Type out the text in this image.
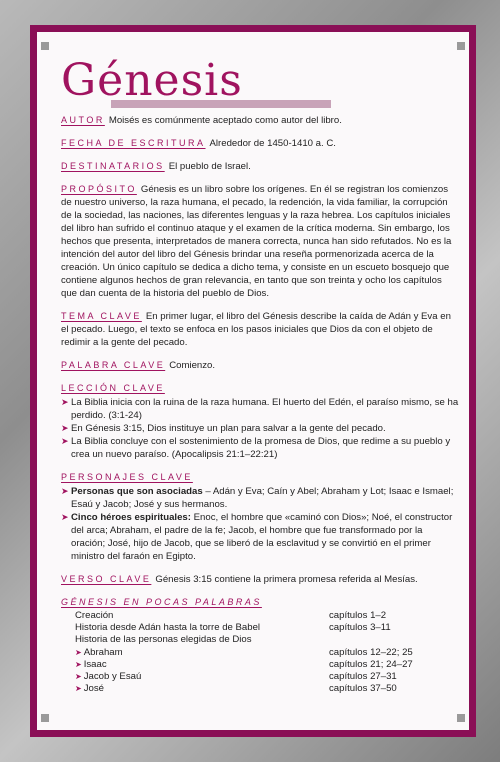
Génesis
AUTOR Moisés es comúnmente aceptado como autor del libro.
FECHA DE ESCRITURA Alrededor de 1450-1410 a. C.
DESTINATARIOS El pueblo de Israel.
PROPÓSITO Génesis es un libro sobre los orígenes. En él se registran los comienzos de nuestro universo, la raza humana, el pecado, la redención, la vida familiar, la corrupción de la sociedad, las naciones, las diferentes lenguas y la raza hebrea. Los capítulos iniciales del libro han sufrido el continuo ataque y el examen de la crítica moderna. Sin embargo, los hechos que presenta, interpretados de manera correcta, nunca han sido refutados. No es la intención del autor del libro del Génesis brindar una reseña pormenorizada acerca de la creación. Un único capítulo se dedica a dicho tema, y consiste en un escueto bosquejo que contiene algunos hechos de gran relevancia, en tanto que son treinta y ocho los capítulos que dan cuenta de la historia del pueblo de Dios.
TEMA CLAVE En primer lugar, el libro del Génesis describe la caída de Adán y Eva en el pecado. Luego, el texto se enfoca en los pasos iniciales que Dios da con el objeto de redimir a la gente del pecado.
PALABRA CLAVE Comienzo.
LECCIÓN CLAVE
➤ La Biblia inicia con la ruina de la raza humana. El huerto del Edén, el paraíso mismo, se ha perdido. (3:1-24)
➤ En Génesis 3:15, Dios instituye un plan para salvar a la gente del pecado.
➤ La Biblia concluye con el sostenimiento de la promesa de Dios, que redime a su pueblo y crea un nuevo paraíso. (Apocalipsis 21:1–22:21)
PERSONAJES CLAVE
➤ Personas que son asociadas – Adán y Eva; Caín y Abel; Abraham y Lot; Isaac e Ismael; Esaú y Jacob; José y sus hermanos.
➤ Cinco héroes espirituales: Enoc, el hombre que «caminó con Dios»; Noé, el constructor del arca; Abraham, el padre de la fe; Jacob, el hombre que fue transformado por la oración; José, hijo de Jacob, que se liberó de la esclavitud y se convirtió en el primer ministro del faraón en Egipto.
VERSO CLAVE Génesis 3:15 contiene la primera promesa referida al Mesías.
GÉNESIS EN POCAS PALABRAS
Creación	capítulos 1–2
Historia desde Adán hasta la torre de Babel	capítulos 3–11
Historia de las personas elegidas de Dios	
➤ Abraham	capítulos 12–22; 25
➤ Isaac	capítulos 21; 24–27
➤ Jacob y Esaú	capítulos 27–31
➤ José	capítulos 37–50
